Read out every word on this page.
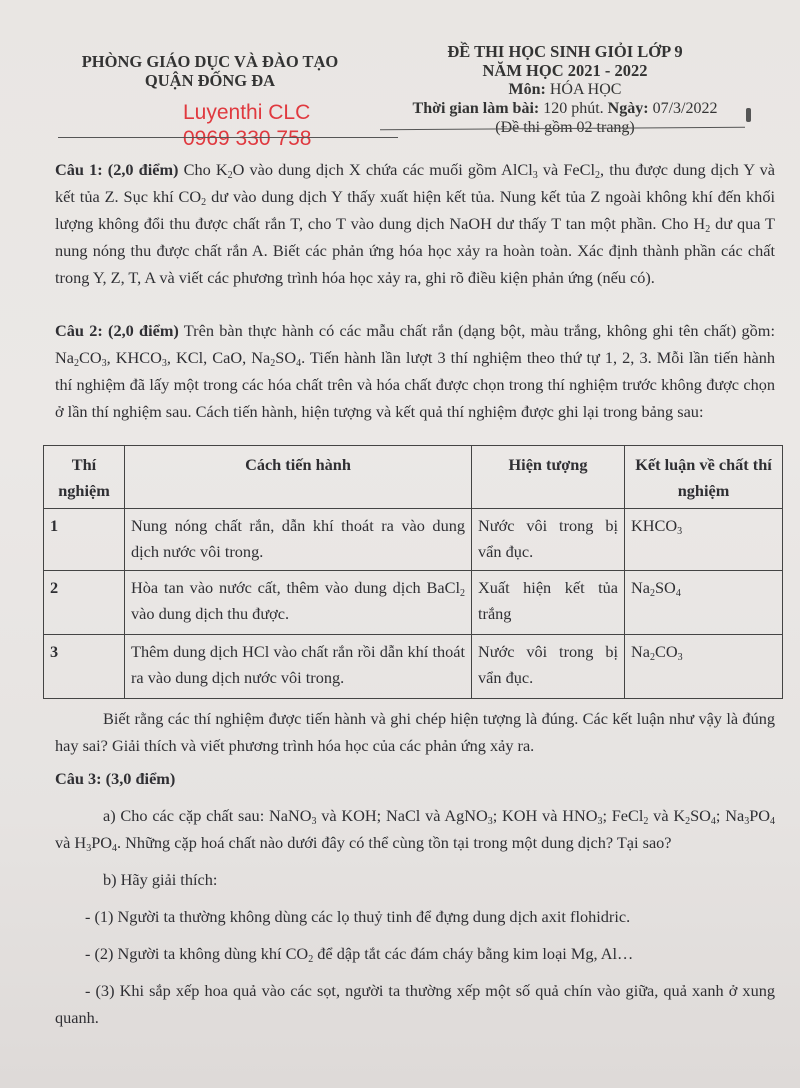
PHÒNG GIÁO DỤC VÀ ĐÀO TẠO
QUẬN ĐỐNG ĐA
ĐỀ THI HỌC SINH GIỎI LỚP 9
NĂM HỌC 2021 - 2022
Môn: HÓA HỌC
Thời gian làm bài: 120 phút. Ngày: 07/3/2022
(Đề thi gồm 02 trang)
Luyenthi CLC
0969 330 758
Câu 1: (2,0 điểm) Cho $K_2O$ vào dung dịch X chứa các muối gồm AlCl$_3$ và FeCl$_2$, thu được dung dịch Y và kết tủa Z. Sục khí $CO_2$ dư vào dung dịch Y thấy xuất hiện kết tủa. Nung kết tủa Z ngoài không khí đến khối lượng không đổi thu được chất rắn T, cho T vào dung dịch NaOH dư thấy T tan một phần. Cho $H_2$ dư qua T nung nóng thu được chất rắn A. Biết các phản ứng hóa học xảy ra hoàn toàn. Xác định thành phần các chất trong Y, Z, T, A và viết các phương trình hóa học xảy ra, ghi rõ điều kiện phản ứng (nếu có).
Câu 2: (2,0 điểm) Trên bàn thực hành có các mẫu chất rắn (dạng bột, màu trắng, không ghi tên chất) gồm: $Na_2CO_3$, $KHCO_3$, KCl, CaO, $Na_2SO_4$. Tiến hành lần lượt 3 thí nghiệm theo thứ tự 1, 2, 3. Mỗi lần tiến hành thí nghiệm đã lấy một trong các hóa chất trên và hóa chất được chọn trong thí nghiệm trước không được chọn ở lần thí nghiệm sau. Cách tiến hành, hiện tượng và kết quả thí nghiệm được ghi lại trong bảng sau:
Thí nghiệm	Cách tiến hành	Hiện tượng	Kết luận về chất thí nghiệm
1	Nung nóng chất rắn, dẫn khí thoát ra vào dung dịch nước vôi trong.	Nước vôi trong bị vẩn đục.	$KHCO_3$
2	Hòa tan vào nước cất, thêm vào dung dịch BaCl$_2$ vào dung dịch thu được.	Xuất hiện kết tủa trắng	$Na_2SO_4$
3	Thêm dung dịch HCl vào chất rắn rồi dẫn khí thoát ra vào dung dịch nước vôi trong.	Nước vôi trong bị vẩn đục.	$Na_2CO_3$
Biết rằng các thí nghiệm được tiến hành và ghi chép hiện tượng là đúng. Các kết luận như vậy là đúng hay sai? Giải thích và viết phương trình hóa học của các phản ứng xảy ra.

Câu 3: (3,0 điểm)

a) Cho các cặp chất sau: NaNO$_3$ và KOH; NaCl và AgNO$_3$; KOH và $HNO_3$; FeCl$_2$ và $K_2SO_4$; $Na_3PO_4$ và $H_3PO_4$. Những cặp hoá chất nào dưới đây có thể cùng tồn tại trong một dung dịch? Tại sao?

b) Hãy giải thích:

- (1) Người ta thường không dùng các lọ thuỷ tinh để đựng dung dịch axit flohidric.

- (2) Người ta không dùng khí $CO_2$ để dập tắt các đám cháy bằng kim loại Mg, Al…

- (3) Khi sắp xếp hoa quả vào các sọt, người ta thường xếp một số quả chín vào giữa, quả xanh ở xung quanh.
